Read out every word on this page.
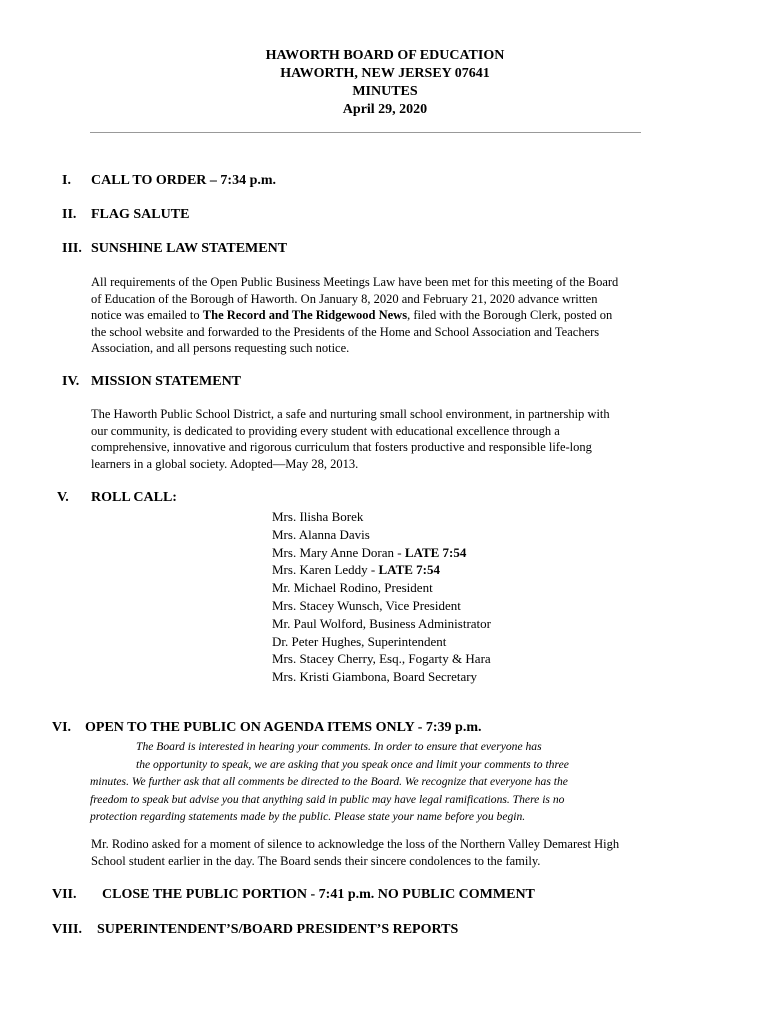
HAWORTH BOARD OF EDUCATION
HAWORTH, NEW JERSEY 07641
MINUTES
April 29, 2020
I. CALL TO ORDER – 7:34 p.m.
II. FLAG SALUTE
III. SUNSHINE LAW STATEMENT
All requirements of the Open Public Business Meetings Law have been met for this meeting of the Board
of Education of the Borough of Haworth. On January 8, 2020 and February 21, 2020 advance written
notice was emailed to The Record and The Ridgewood News, filed with the Borough Clerk, posted on
the school website and forwarded to the Presidents of the Home and School Association and Teachers
Association, and all persons requesting such notice.
IV. MISSION STATEMENT
The Haworth Public School District, a safe and nurturing small school environment, in partnership with
our community, is dedicated to providing every student with educational excellence through a
comprehensive, innovative and rigorous curriculum that fosters productive and responsible life-long
learners in a global society. Adopted—May 28, 2013.
V. ROLL CALL:
Mrs. Ilisha Borek
Mrs. Alanna Davis
Mrs. Mary Anne Doran - LATE 7:54
Mrs. Karen Leddy - LATE 7:54
Mr. Michael Rodino, President
Mrs. Stacey Wunsch, Vice President
Mr. Paul Wolford, Business Administrator
Dr. Peter Hughes, Superintendent
Mrs. Stacey Cherry, Esq., Fogarty & Hara
Mrs. Kristi Giambona, Board Secretary
VI. OPEN TO THE PUBLIC ON AGENDA ITEMS ONLY - 7:39 p.m.
The Board is interested in hearing your comments. In order to ensure that everyone has
the opportunity to speak, we are asking that you speak once and limit your comments to three
minutes. We further ask that all comments be directed to the Board. We recognize that everyone has the
freedom to speak but advise you that anything said in public may have legal ramifications. There is no
protection regarding statements made by the public. Please state your name before you begin.
Mr. Rodino asked for a moment of silence to acknowledge the loss of the Northern Valley Demarest High
School student earlier in the day. The Board sends their sincere condolences to the family.
VII. CLOSE THE PUBLIC PORTION - 7:41 p.m. NO PUBLIC COMMENT
VIII. SUPERINTENDENT’S/BOARD PRESIDENT’S REPORTS
